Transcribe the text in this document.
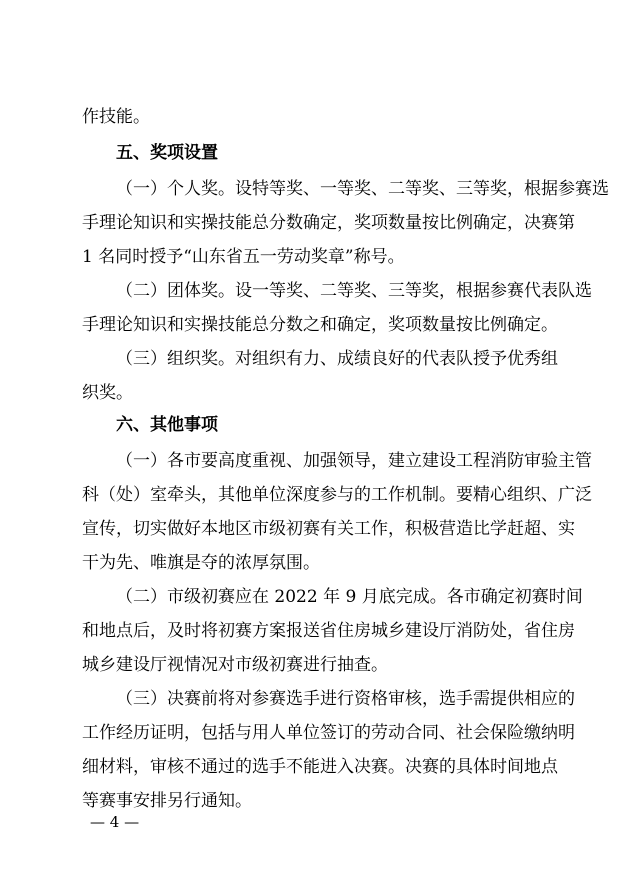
作技能。
五、奖项设置
（一）个人奖。设特等奖、一等奖、二等奖、三等奖，根据参赛选
手理论知识和实操技能总分数确定，奖项数量按比例确定，决赛第
1 名同时授予“山东省五一劳动奖章”称号。
（二）团体奖。设一等奖、二等奖、三等奖，根据参赛代表队选
手理论知识和实操技能总分数之和确定，奖项数量按比例确定。
（三）组织奖。对组织有力、成绩良好的代表队授予优秀组
织奖。
六、其他事项
（一）各市要高度重视、加强领导，建立建设工程消防审验主管
科（处）室牵头，其他单位深度参与的工作机制。要精心组织、广泛
宣传，切实做好本地区市级初赛有关工作，积极营造比学赶超、实
干为先、唯旗是夺的浓厚氛围。
（二）市级初赛应在 2022 年 9 月底完成。各市确定初赛时间
和地点后，及时将初赛方案报送省住房城乡建设厅消防处，省住房
城乡建设厅视情况对市级初赛进行抽查。
（三）决赛前将对参赛选手进行资格审核，选手需提供相应的
工作经历证明，包括与用人单位签订的劳动合同、社会保险缴纳明
细材料，审核不通过的选手不能进入决赛。决赛的具体时间地点
等赛事安排另行通知。
— 4 —
